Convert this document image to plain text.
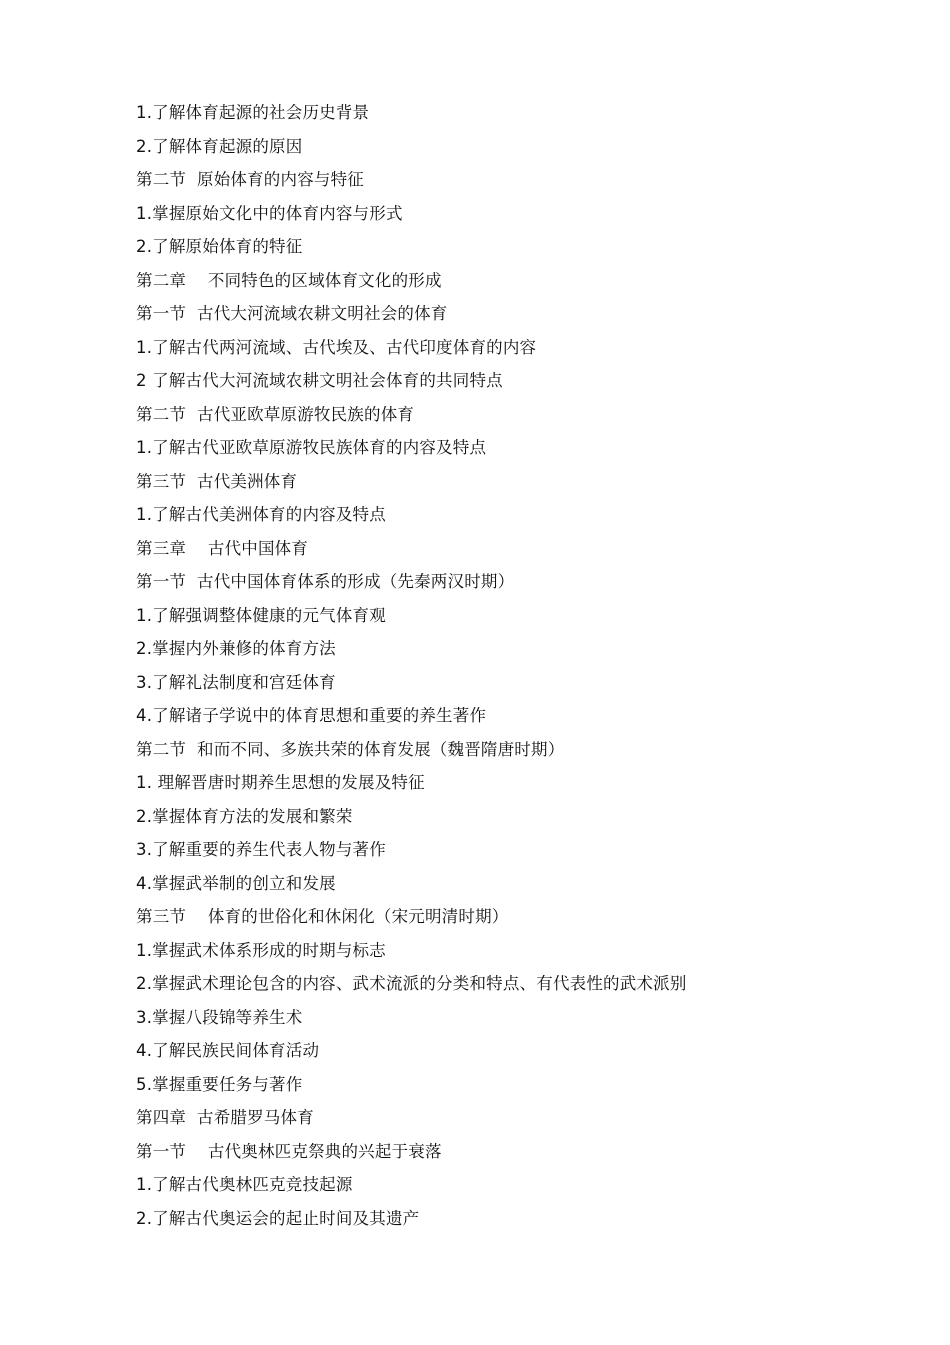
1.了解体育起源的社会历史背景
2.了解体育起源的原因
第二节  原始体育的内容与特征
1.掌握原始文化中的体育内容与形式
2.了解原始体育的特征
第二章    不同特色的区域体育文化的形成
第一节  古代大河流域农耕文明社会的体育
1.了解古代两河流域、古代埃及、古代印度体育的内容
2 了解古代大河流域农耕文明社会体育的共同特点
第二节  古代亚欧草原游牧民族的体育
1.了解古代亚欧草原游牧民族体育的内容及特点
第三节  古代美洲体育
1.了解古代美洲体育的内容及特点
第三章    古代中国体育
第一节  古代中国体育体系的形成（先秦两汉时期）
1.了解强调整体健康的元气体育观
2.掌握内外兼修的体育方法
3.了解礼法制度和宫廷体育
4.了解诸子学说中的体育思想和重要的养生著作
第二节  和而不同、多族共荣的体育发展（魏晋隋唐时期）
1. 理解晋唐时期养生思想的发展及特征
2.掌握体育方法的发展和繁荣
3.了解重要的养生代表人物与著作
4.掌握武举制的创立和发展
第三节    体育的世俗化和休闲化（宋元明清时期）
1.掌握武术体系形成的时期与标志
2.掌握武术理论包含的内容、武术流派的分类和特点、有代表性的武术派别
3.掌握八段锦等养生术
4.了解民族民间体育活动
5.掌握重要任务与著作
第四章  古希腊罗马体育
第一节    古代奥林匹克祭典的兴起于衰落
1.了解古代奥林匹克竞技起源
2.了解古代奥运会的起止时间及其遗产
